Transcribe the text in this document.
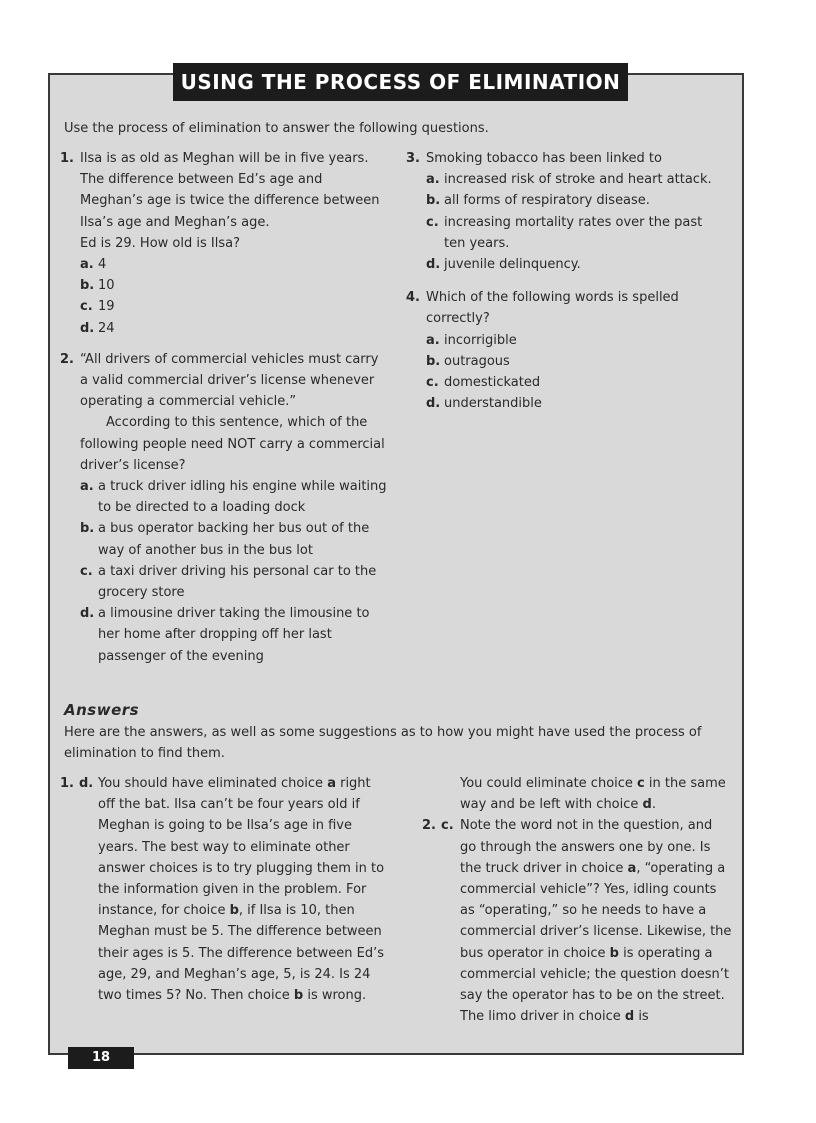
USING THE PROCESS OF ELIMINATION
Use the process of elimination to answer the following questions.
1. Ilsa is as old as Meghan will be in five years. The difference between Ed’s age and Meghan’s age is twice the difference between Ilsa’s age and Meghan’s age.
Ed is 29. How old is Ilsa?
a. 4
b. 10
c. 19
d. 24
2. “All drivers of commercial vehicles must carry a valid commercial driver’s license whenever operating a commercial vehicle.”
According to this sentence, which of the following people need NOT carry a commercial driver’s license?
a. a truck driver idling his engine while waiting to be directed to a loading dock
b. a bus operator backing her bus out of the way of another bus in the bus lot
c. a taxi driver driving his personal car to the grocery store
d. a limousine driver taking the limousine to her home after dropping off her last passenger of the evening
3. Smoking tobacco has been linked to
a. increased risk of stroke and heart attack.
b. all forms of respiratory disease.
c. increasing mortality rates over the past ten years.
d. juvenile delinquency.
4. Which of the following words is spelled correctly?
a. incorrigible
b. outragous
c. domestickated
d. understandible
Answers
Here are the answers, as well as some suggestions as to how you might have used the process of elimination to find them.
1. d. You should have eliminated choice a right off the bat. Ilsa can’t be four years old if Meghan is going to be Ilsa’s age in five years. The best way to eliminate other answer choices is to try plugging them in to the information given in the problem. For instance, for choice b, if Ilsa is 10, then Meghan must be 5. The difference between their ages is 5. The difference between Ed’s age, 29, and Meghan’s age, 5, is 24. Is 24 two times 5? No. Then choice b is wrong.
You could eliminate choice c in the same way and be left with choice d.
2. c. Note the word not in the question, and go through the answers one by one. Is the truck driver in choice a, “operating a commercial vehicle”? Yes, idling counts as “operating,” so he needs to have a commercial driver’s license. Likewise, the bus operator in choice b is operating a commercial vehicle; the question doesn’t say the operator has to be on the street. The limo driver in choice d is
18
